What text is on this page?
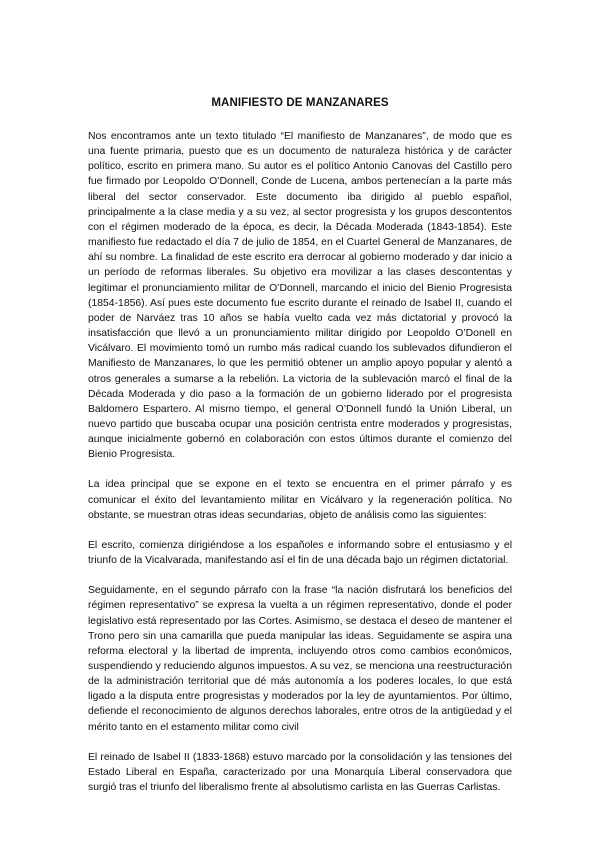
MANIFIESTO DE MANZANARES

Nos encontramos ante un texto titulado “El manifiesto de Manzanares”, de modo que es una fuente primaria, puesto que es un documento de naturaleza histórica y de carácter político, escrito en primera mano. Su autor es el político Antonio Canovas del Castillo pero fue firmado por Leopoldo O’Donnell, Conde de Lucena, ambos pertenecían a la parte más liberal del sector conservador. Este documento iba dirigido al pueblo español, principalmente a la clase media y a su vez, al sector progresista y los grupos descontentos con el régimen moderado de la época, es decir, la Década Moderada (1843-1854). Este manifiesto fue redactado el día 7 de julio de 1854, en el Cuartel General de Manzanares, de ahí su nombre. La finalidad de este escrito era derrocar al gobierno moderado y dar inicio a un período de reformas liberales. Su objetivo era movilizar a las clases descontentas y legitimar el pronunciamiento militar de O’Donnell, marcando el inicio del Bienio Progresista (1854-1856). Así pues este documento fue escrito durante el reinado de Isabel II, cuando el poder de Narváez tras 10 años se había vuelto cada vez más dictatorial y provocó la insatisfacción que llevó a un pronunciamiento militar dirigido por Leopoldo O’Donell en Vicálvaro. El movimiento tomó un rumbo más radical cuando los sublevados difundieron el Manifiesto de Manzanares, lo que les permitió obtener un amplio apoyo popular y alentó a otros generales a sumarse a la rebelión. La victoria de la sublevación marcó el final de la Década Moderada y dio paso a la formación de un gobierno liderado por el progresista Baldomero Espartero. Al mismo tiempo, el general O’Donnell fundó la Unión Liberal, un nuevo partido que buscaba ocupar una posición centrista entre moderados y progresistas, aunque inicialmente gobernó en colaboración con estos últimos durante el comienzo del Bienio Progresista.

La idea principal que se expone en el texto se encuentra en el primer párrafo y es comunicar el éxito del levantamiento militar en Vicálvaro y la regeneración política. No obstante, se muestran otras ideas secundarias, objeto de análisis como las siguientes:

El escrito, comienza dirigiéndose a los españoles e informando sobre el entusiasmo y el triunfo de la Vicalvarada, manifestando así el fin de una década bajo un régimen dictatorial.

Seguidamente, en el segundo párrafo con la frase “la nación disfrutará los beneficios del régimen representativo” se expresa la vuelta a un régimen representativo, donde el poder legislativo está representado por las Cortes. Asimismo, se destaca el deseo de mantener el Trono pero sin una camarilla que pueda manipular las ideas. Seguidamente se aspira una reforma electoral y la libertad de imprenta, incluyendo otros como cambios económicos, suspendiendo y reduciendo algunos impuestos. A su vez, se menciona una reestructuración de la administración territorial que dé más autonomía a los poderes locales, lo que está ligado a la disputa entre progresistas y moderados por la ley de ayuntamientos. Por último, defiende el reconocimiento de algunos derechos laborales, entre otros de la antigüedad y el mérito tanto en el estamento militar como civil

El reinado de Isabel II (1833-1868) estuvo marcado por la consolidación y las tensiones del Estado Liberal en España, caracterizado por una Monarquía Liberal conservadora que surgió tras el triunfo del liberalismo frente al absolutismo carlista en las Guerras Carlistas.
